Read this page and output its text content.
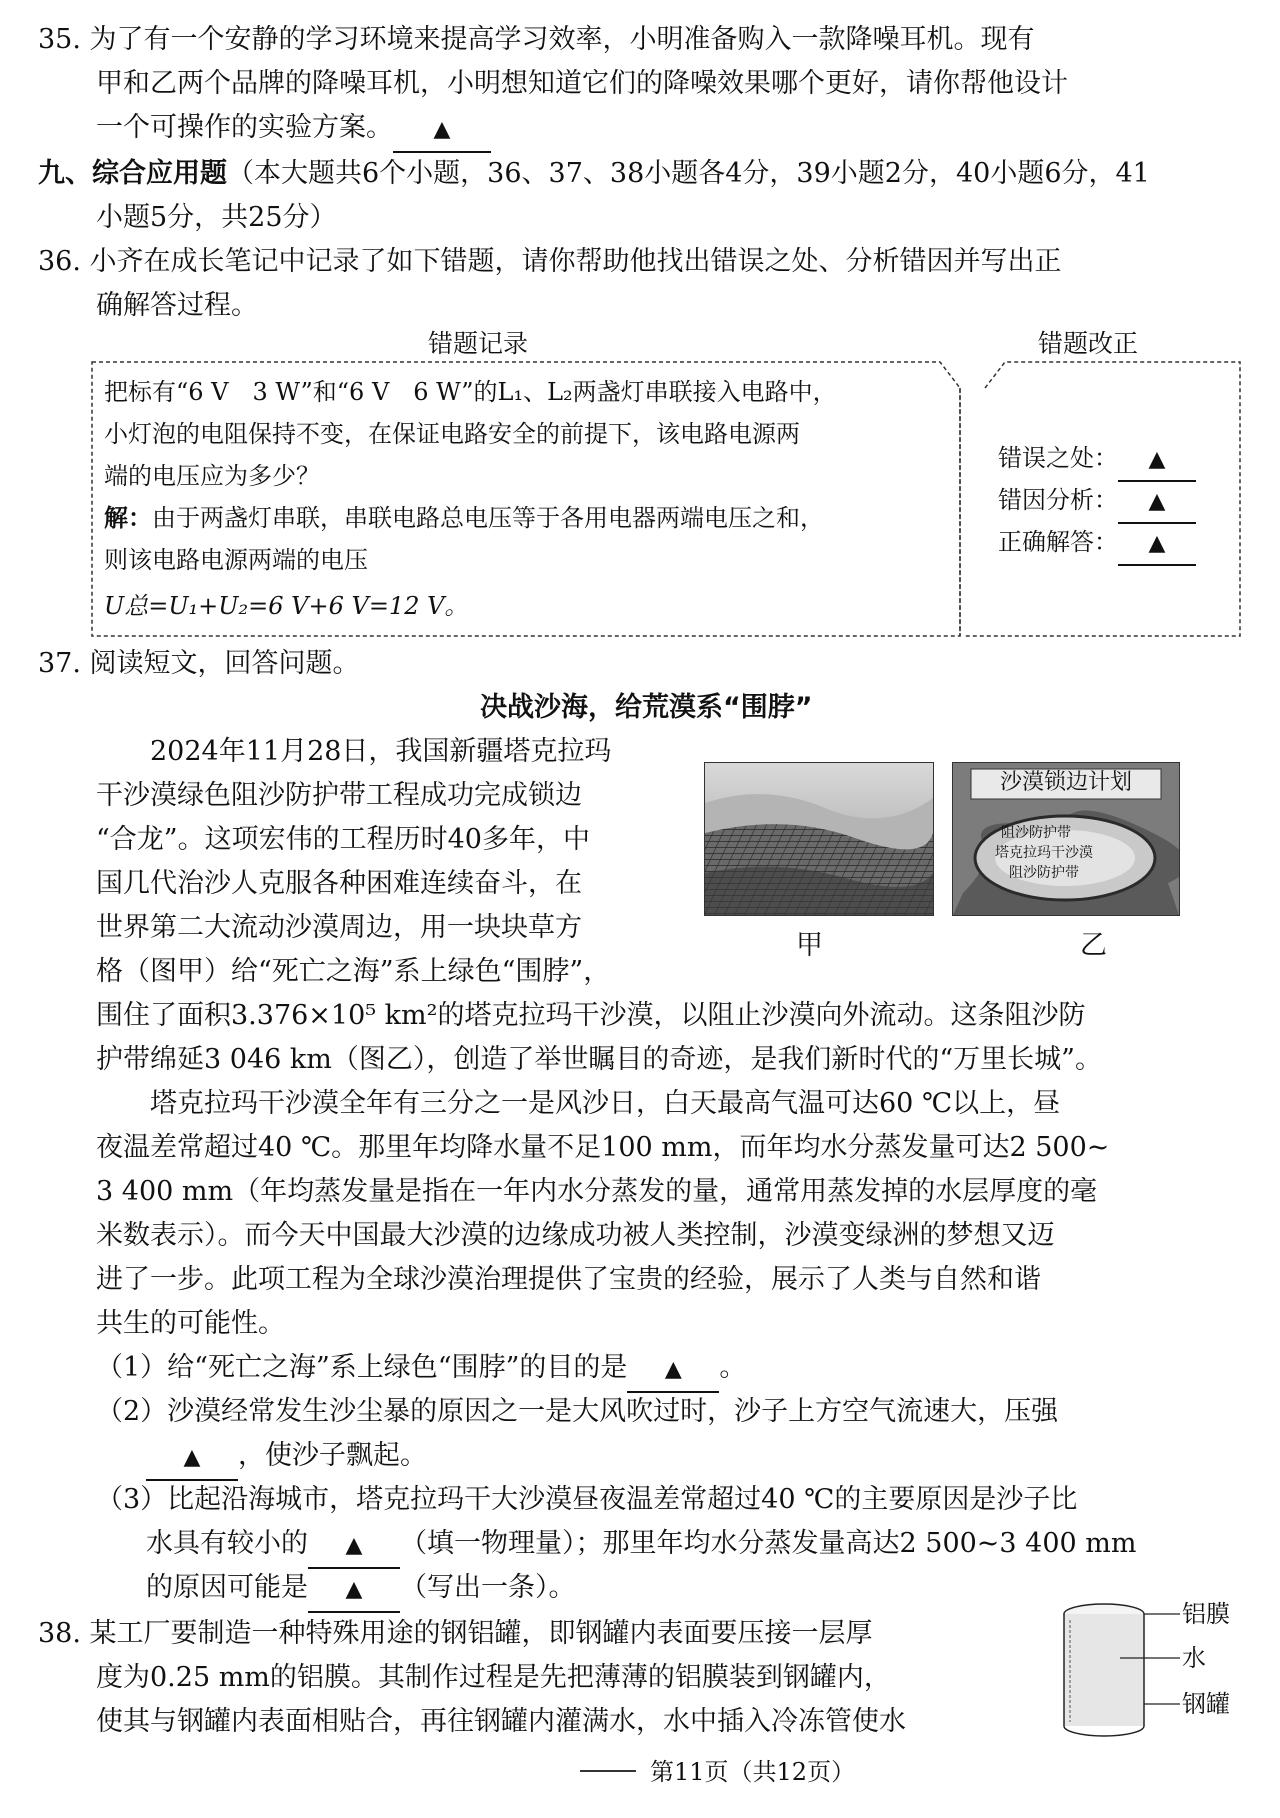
35. 为了有一个安静的学习环境来提高学习效率，小明准备购入一款降噪耳机。现有
甲和乙两个品牌的降噪耳机，小明想知道它们的降噪效果哪个更好，请你帮他设计
一个可操作的实验方案。 ▲
九、综合应用题（本大题共6个小题，36、37、38小题各4分，39小题2分，40小题6分，41
小题5分，共25分）
36. 小齐在成长笔记中记录了如下错题，请你帮助他找出错误之处、分析错因并写出正
确解答过程。
错题记录	错题改正
把标有“6 V　3 W”和“6 V　6 W”的L₁、L₂两盏灯串联接入电路中，
小灯泡的电阻保持不变，在保证电路安全的前提下，该电路电源两
端的电压应为多少？
解：由于两盏灯串联，串联电路总电压等于各用电器两端电压之和，
则该电路电源两端的电压
U总=U₁+U₂=6 V+6 V=12 V。
错误之处： ▲
错因分析： ▲
正确解答： ▲
37. 阅读短文，回答问题。
决战沙海，给荒漠系“围脖”
　　2024年11月28日，我国新疆塔克拉玛
干沙漠绿色阻沙防护带工程成功完成锁边
“合龙”。这项宏伟的工程历时40多年，中
国几代治沙人克服各种困难连续奋斗，在
世界第二大流动沙漠周边，用一块块草方
格（图甲）给“死亡之海”系上绿色“围脖”，
甲
沙漠锁边计划
阻沙防护带
塔克拉玛干沙漠
阻沙防护带
乙
围住了面积3.376×10⁵ km²的塔克拉玛干沙漠，以阻止沙漠向外流动。这条阻沙防
护带绵延3 046 km（图乙），创造了举世瞩目的奇迹，是我们新时代的“万里长城”。
　　塔克拉玛干沙漠全年有三分之一是风沙日，白天最高气温可达60 ℃以上，昼
夜温差常超过40 ℃。那里年均降水量不足100 mm，而年均水分蒸发量可达2 500~
3 400 mm（年均蒸发量是指在一年内水分蒸发的量，通常用蒸发掉的水层厚度的毫
米数表示）。而今天中国最大沙漠的边缘成功被人类控制，沙漠变绿洲的梦想又迈
进了一步。此项工程为全球沙漠治理提供了宝贵的经验，展示了人类与自然和谐
共生的可能性。
（1）给“死亡之海”系上绿色“围脖”的目的是 ▲ 。
（2）沙漠经常发生沙尘暴的原因之一是大风吹过时，沙子上方空气流速大，压强
▲ ，使沙子飘起。
（3）比起沿海城市，塔克拉玛干大沙漠昼夜温差常超过40 ℃的主要原因是沙子比
水具有较小的 ▲ （填一物理量）；那里年均水分蒸发量高达2 500~3 400 mm
的原因可能是 ▲ （写出一条）。
38. 某工厂要制造一种特殊用途的钢铝罐，即钢罐内表面要压接一层厚
度为0.25 mm的铝膜。其制作过程是先把薄薄的铝膜装到钢罐内，
使其与钢罐内表面相贴合，再往钢罐内灌满水，水中插入冷冻管使水
铝膜
水
钢罐
第11页（共12页）
